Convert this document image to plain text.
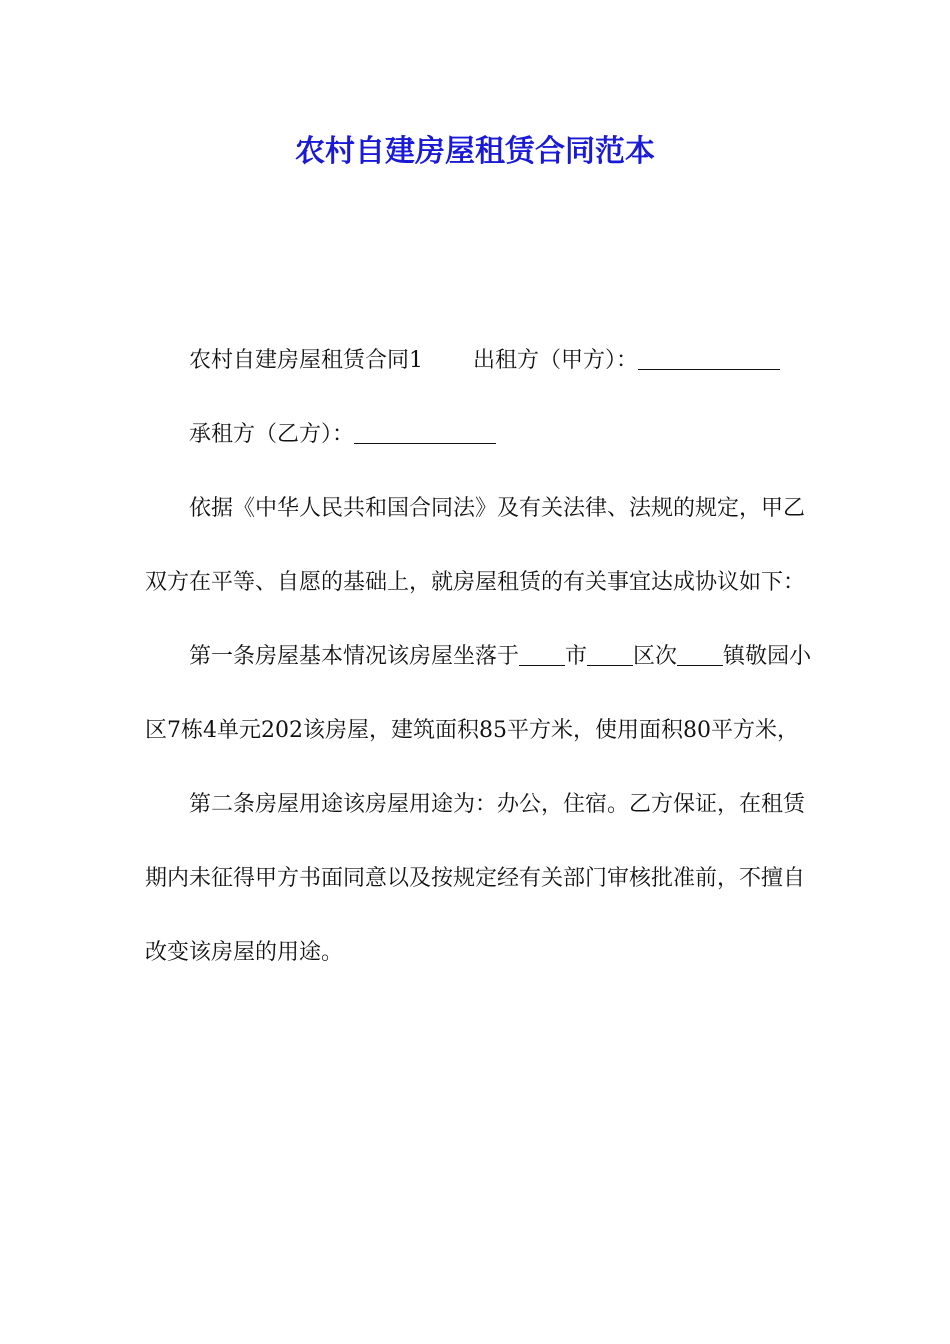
农村自建房屋租赁合同范本

农村自建房屋租赁合同1 出租方（甲方）：

承租方（乙方）：

依据《中华人民共和国合同法》及有关法律、法规的规定，甲乙双方在平等、自愿的基础上，就房屋租赁的有关事宜达成协议如下：

第一条房屋基本情况该房屋坐落于 市 区次 镇敬园小区7栋4单元202该房屋，建筑面积85平方米，使用面积80平方米，

第二条房屋用途该房屋用途为：办公，住宿。乙方保证，在租赁期内未征得甲方书面同意以及按规定经有关部门审核批准前，不擅自改变该房屋的用途。
